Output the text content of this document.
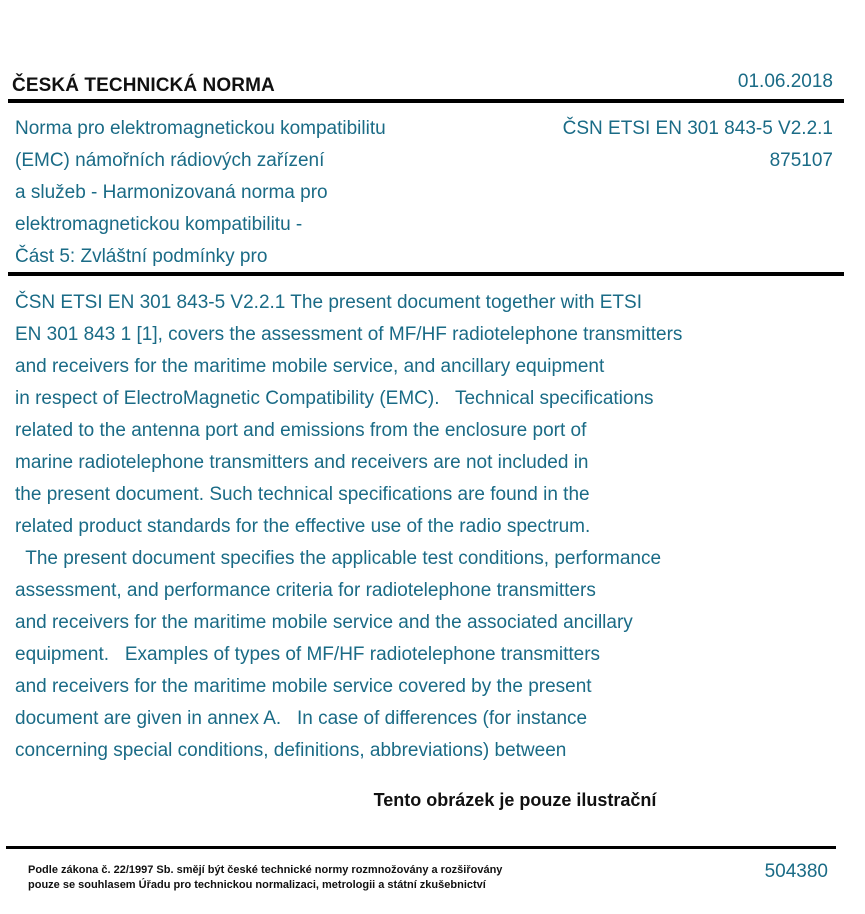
ČESKÁ TECHNICKÁ NORMA	01.06.2018
Norma pro elektromagnetickou kompatibilitu
(EMC) námořních rádiových zařízení
a služeb - Harmonizovaná norma pro
elektromagnetickou kompatibilitu -
Část 5: Zvláštní podmínky pro
ČSN ETSI EN 301 843-5 V2.2.1
875107
ČSN ETSI EN 301 843-5 V2.2.1 The present document together with ETSI
EN 301 843 1 [1], covers the assessment of MF/HF radiotelephone transmitters
and receivers for the maritime mobile service, and ancillary equipment
in respect of ElectroMagnetic Compatibility (EMC).   Technical specifications
related to the antenna port and emissions from the enclosure port of
marine radiotelephone transmitters and receivers are not included in
the present document. Such technical specifications are found in the
related product standards for the effective use of the radio spectrum.
The present document specifies the applicable test conditions, performance
assessment, and performance criteria for radiotelephone transmitters
and receivers for the maritime mobile service and the associated ancillary
equipment.   Examples of types of MF/HF radiotelephone transmitters
and receivers for the maritime mobile service covered by the present
document are given in annex A.   In case of differences (for instance
concerning special conditions, definitions, abbreviations) between
Tento obrázek je pouze ilustrační
Podle zákona č. 22/1997 Sb. smějí být české technické normy rozmnožovány a rozšiřovány
pouze se souhlasem Úřadu pro technickou normalizaci, metrologii a státní zkušebnictví
504380
